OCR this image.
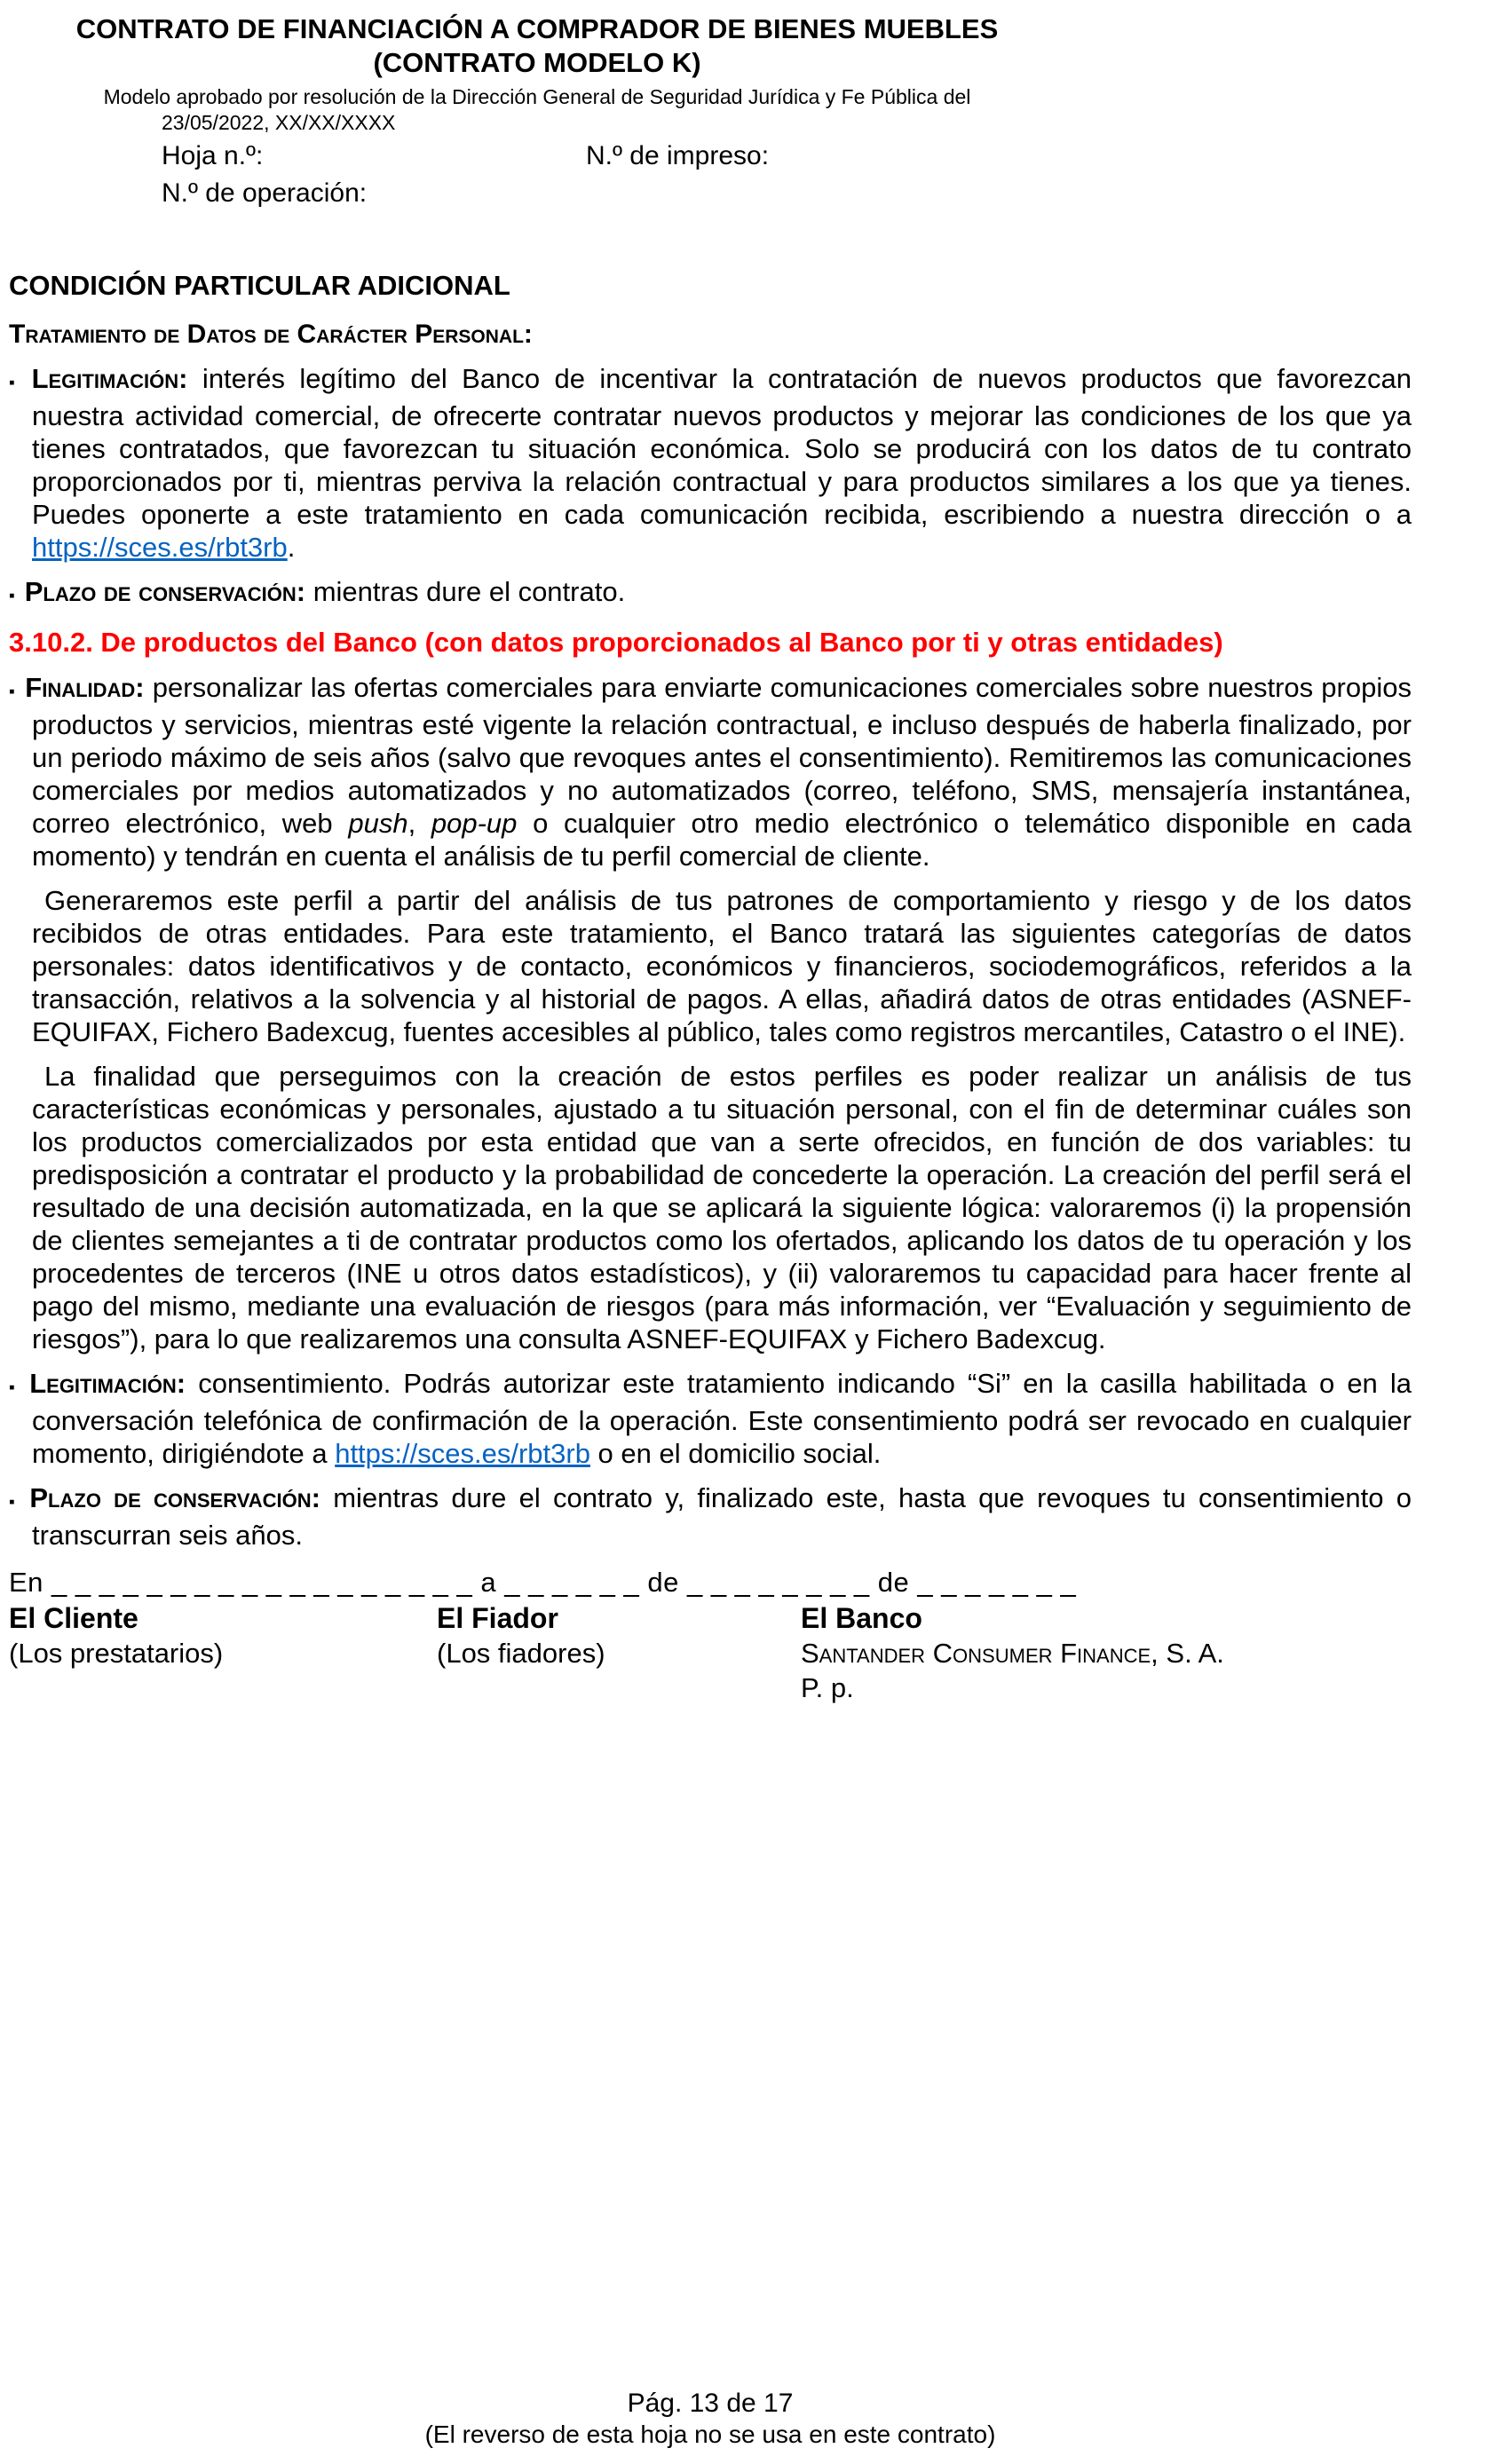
CONTRATO DE FINANCIACIÓN A COMPRADOR DE BIENES MUEBLES
(CONTRATO MODELO K)
Modelo aprobado por resolución de la Dirección General de Seguridad Jurídica y Fe Pública del
23/05/2022, XX/XX/XXXX
Hoja n.º:	N.º de impreso:
N.º de operación:
CONDICIÓN PARTICULAR ADICIONAL
Tratamiento de Datos de Carácter Personal:

▪ Legitimación: interés legítimo del Banco de incentivar la contratación de nuevos productos que favorezcan nuestra actividad comercial, de ofrecerte contratar nuevos productos y mejorar las condiciones de los que ya tienes contratados, que favorezcan tu situación económica. Solo se producirá con los datos de tu contrato proporcionados por ti, mientras perviva la relación contractual y para productos similares a los que ya tienes. Puedes oponerte a este tratamiento en cada comunicación recibida, escribiendo a nuestra dirección o a https://sces.es/rbt3rb.

▪ Plazo de conservación: mientras dure el contrato.

3.10.2. De productos del Banco (con datos proporcionados al Banco por ti y otras entidades)

▪ Finalidad: personalizar las ofertas comerciales para enviarte comunicaciones comerciales sobre nuestros propios productos y servicios, mientras esté vigente la relación contractual, e incluso después de haberla finalizado, por un periodo máximo de seis años (salvo que revoques antes el consentimiento). Remitiremos las comunicaciones comerciales por medios automatizados y no automatizados (correo, teléfono, SMS, mensajería instantánea, correo electrónico, web push, pop-up o cualquier otro medio electrónico o telemático disponible en cada momento) y tendrán en cuenta el análisis de tu perfil comercial de cliente.

Generaremos este perfil a partir del análisis de tus patrones de comportamiento y riesgo y de los datos recibidos de otras entidades. Para este tratamiento, el Banco tratará las siguientes categorías de datos personales: datos identificativos y de contacto, económicos y financieros, sociodemográficos, referidos a la transacción, relativos a la solvencia y al historial de pagos. A ellas, añadirá datos de otras entidades (ASNEF-EQUIFAX, Fichero Badexcug, fuentes accesibles al público, tales como registros mercantiles, Catastro o el INE).

La finalidad que perseguimos con la creación de estos perfiles es poder realizar un análisis de tus características económicas y personales, ajustado a tu situación personal, con el fin de determinar cuáles son los productos comercializados por esta entidad que van a serte ofrecidos, en función de dos variables: tu predisposición a contratar el producto y la probabilidad de concederte la operación. La creación del perfil será el resultado de una decisión automatizada, en la que se aplicará la siguiente lógica: valoraremos (i) la propensión de clientes semejantes a ti de contratar productos como los ofertados, aplicando los datos de tu operación y los procedentes de terceros (INE u otros datos estadísticos), y (ii) valoraremos tu capacidad para hacer frente al pago del mismo, mediante una evaluación de riesgos (para más información, ver “Evaluación y seguimiento de riesgos”), para lo que realizaremos una consulta ASNEF-EQUIFAX y Fichero Badexcug.

▪ Legitimación: consentimiento. Podrás autorizar este tratamiento indicando “Si” en la casilla habilitada o en la conversación telefónica de confirmación de la operación. Este consentimiento podrá ser revocado en cualquier momento, dirigiéndote a https://sces.es/rbt3rb o en el domicilio social.

▪ Plazo de conservación: mientras dure el contrato y, finalizado este, hasta que revoques tu consentimiento o transcurran seis años.

En _ _ _ _ _ _ _ _ _ _ _ _ _ _ _ _ _ _ a _ _ _ _ _ _ de _ _ _ _ _ _ _ _ de _ _ _ _ _ _ _
El Cliente
(Los prestatarios)
El Fiador
(Los fiadores)
El Banco
Santander Consumer Finance, S. A.
P. p.
Pág. 13 de 17
(El reverso de esta hoja no se usa en este contrato)
